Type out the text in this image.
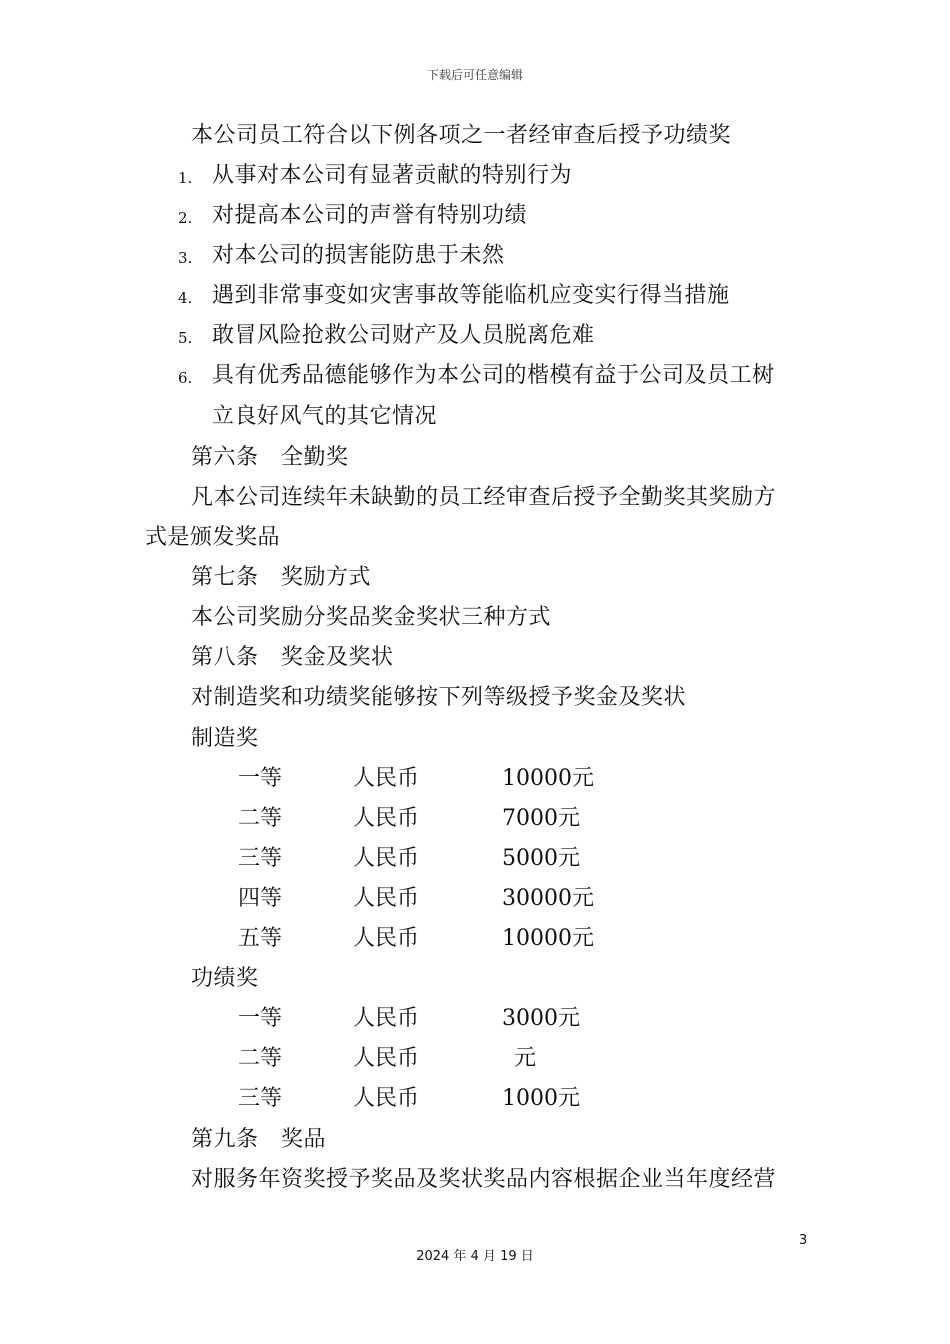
下载后可任意编辑
本公司员工符合以下例各项之一者经审查后授予功绩奖
1. 从事对本公司有显著贡献的特别行为
2. 对提高本公司的声誉有特别功绩
3. 对本公司的损害能防患于未然
4. 遇到非常事变如灾害事故等能临机应变实行得当措施
5. 敢冒风险抢救公司财产及人员脱离危难
6. 具有优秀品德能够作为本公司的楷模有益于公司及员工树
立良好风气的其它情况
第六条　全勤奖
凡本公司连续年未缺勤的员工经审查后授予全勤奖其奖励方
式是颁发奖品
第七条　奖励方式
本公司奖励分奖品奖金奖状三种方式
第八条　奖金及奖状
对制造奖和功绩奖能够按下列等级授予奖金及奖状
制造奖
一等	人民币	10000元
二等	人民币	7000元
三等	人民币	5000元
四等	人民币	30000元
五等	人民币	10000元
功绩奖
一等	人民币	3000元
二等	人民币	元
三等	人民币	1000元
第九条　奖品
对服务年资奖授予奖品及奖状奖品内容根据企业当年度经营
3
2024 年 4 月 19 日
